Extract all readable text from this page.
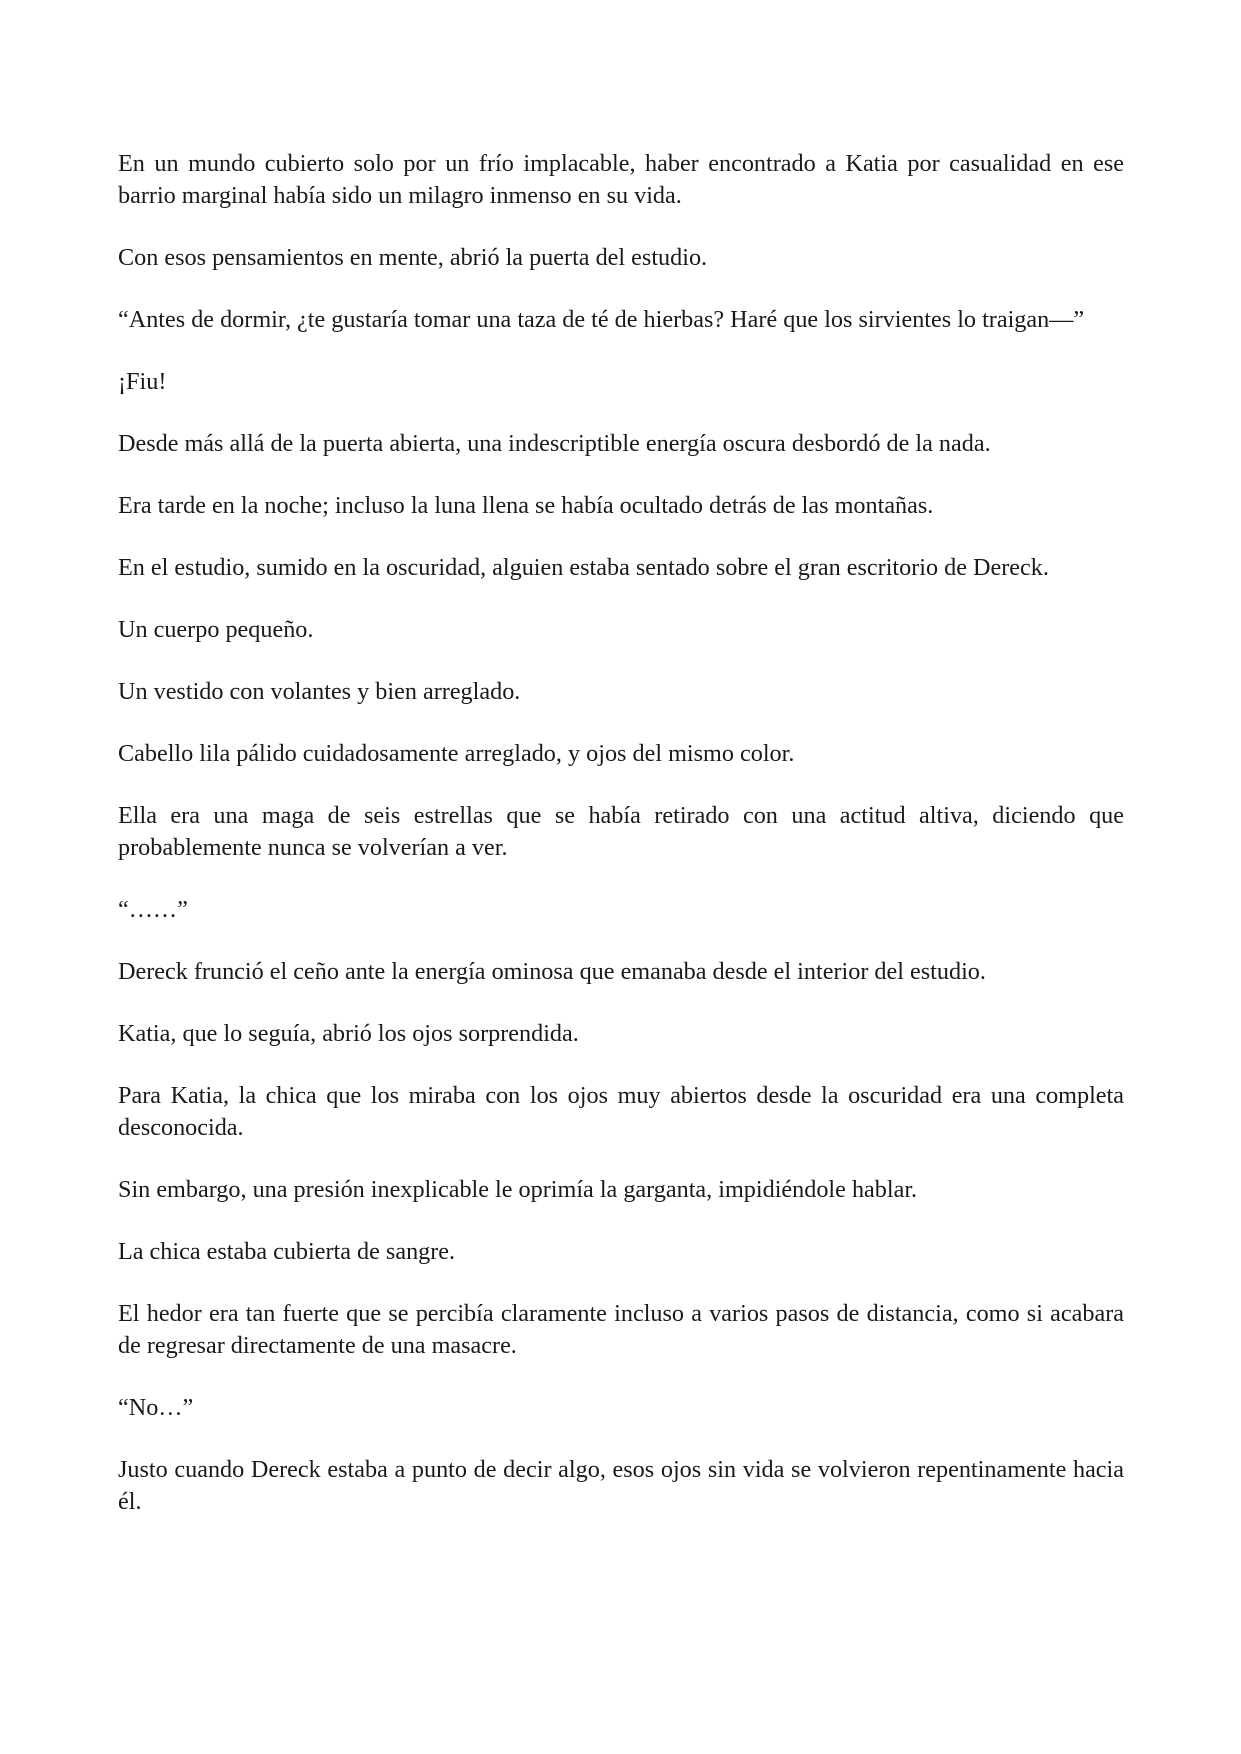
En un mundo cubierto solo por un frío implacable, haber encontrado a Katia por casualidad en ese barrio marginal había sido un milagro inmenso en su vida.

Con esos pensamientos en mente, abrió la puerta del estudio.

“Antes de dormir, ¿te gustaría tomar una taza de té de hierbas? Haré que los sirvientes lo traigan—”

¡Fiu!

Desde más allá de la puerta abierta, una indescriptible energía oscura desbordó de la nada.

Era tarde en la noche; incluso la luna llena se había ocultado detrás de las montañas.

En el estudio, sumido en la oscuridad, alguien estaba sentado sobre el gran escritorio de Dereck.

Un cuerpo pequeño.

Un vestido con volantes y bien arreglado.

Cabello lila pálido cuidadosamente arreglado, y ojos del mismo color.

Ella era una maga de seis estrellas que se había retirado con una actitud altiva, diciendo que probablemente nunca se volverían a ver.

“……”

Dereck frunció el ceño ante la energía ominosa que emanaba desde el interior del estudio.

Katia, que lo seguía, abrió los ojos sorprendida.

Para Katia, la chica que los miraba con los ojos muy abiertos desde la oscuridad era una completa desconocida.

Sin embargo, una presión inexplicable le oprimía la garganta, impidiéndole hablar.

La chica estaba cubierta de sangre.

El hedor era tan fuerte que se percibía claramente incluso a varios pasos de distancia, como si acabara de regresar directamente de una masacre.

“No…”

Justo cuando Dereck estaba a punto de decir algo, esos ojos sin vida se volvieron repentinamente hacia él.
